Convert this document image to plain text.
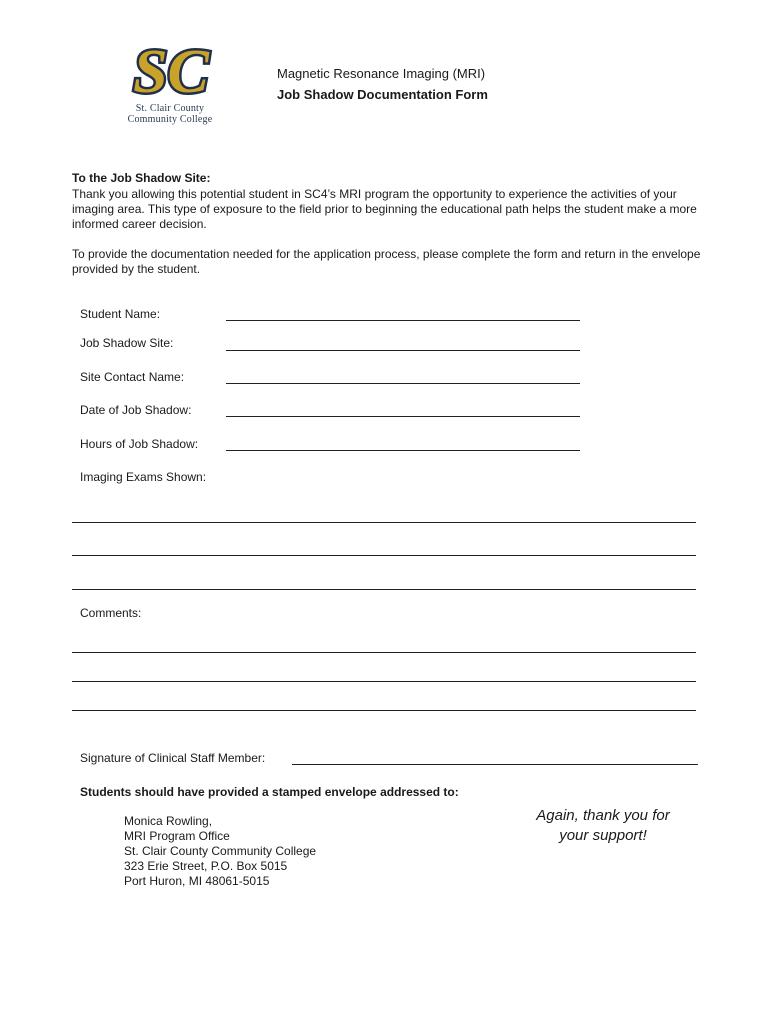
SC
St. Clair County
Community College
Magnetic Resonance Imaging (MRI)
Job Shadow Documentation Form
To the Job Shadow Site:
Thank you allowing this potential student in SC4’s MRI program the opportunity to experience the activities of your imaging area. This type of exposure to the field prior to beginning the educational path helps the student make a more informed career decision.
To provide the documentation needed for the application process, please complete the form and return in the envelope provided by the student.
Student Name:
Job Shadow Site:
Site Contact Name:
Date of Job Shadow:
Hours of Job Shadow:
Imaging Exams Shown:
Comments:
Signature of Clinical Staff Member:
Students should have provided a stamped envelope addressed to:
Monica Rowling,
MRI Program Office
St. Clair County Community College
323 Erie Street, P.O. Box 5015
Port Huron, MI 48061-5015
Again, thank you for
your support!
